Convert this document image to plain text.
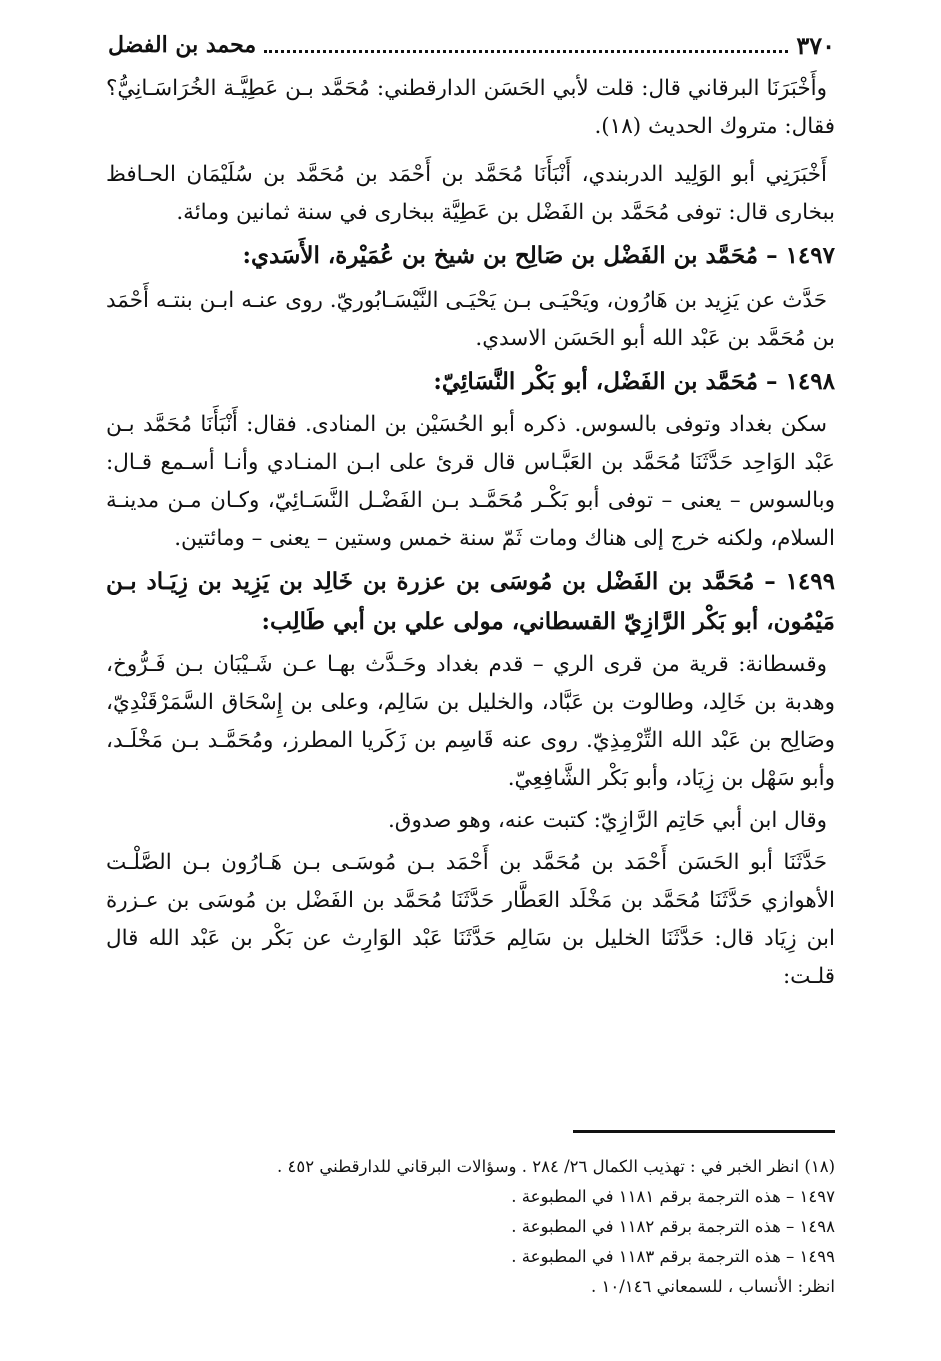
٣٧٠
محمد بن الفضل

وأَخْبَرَنَا البرقاني قال: قلت لأبي الحَسَن الدارقطني: مُحَمَّد بـن عَطِيَّـة الخُرَاسَـانِيُّ؟ فقال: متروك الحديث (١٨).

أَخْبَرَنِي أبو الوَلِيد الدربندي، أَنْبَأَنَا مُحَمَّد بن أَحْمَد بن مُحَمَّد بن سُلَيْمَان الحـافظ ببخارى قال: توفى مُحَمَّد بن الفَضْل بن عَطِيَّة ببخارى في سنة ثمانين ومائة.

١٤٩٧ – مُحَمَّد بن الفَضْل بن صَالِح بن شيخ بن عُمَيْرة، الأَسَدي:

حَدَّث عن يَزِيد بن هَارُون، ويَحْيَـى بـن يَحْيَـى النَّيْسَـابُوريّ. روى عنـه ابـن بنتـه أَحْمَد بن مُحَمَّد بن عَبْد الله أبو الحَسَن الاسدي.

١٤٩٨ – مُحَمَّد بن الفَضْل، أبو بَكْر النَّسَائِيّ:

سكن بغداد وتوفى بالسوس. ذكره أبو الحُسَيْن بن المنادى. فقال: أَنْبَأَنَا مُحَمَّد بـن عَبْد الوَاحِد حَدَّثَنَا مُحَمَّد بن العَبَّـاس قال قرئ على ابـن المنـادي وأنـا أسـمع قـال: وبالسوس – يعنى – توفى أبو بَكْـر مُحَمَّـد بـن الفَضْـل النَّسَـائِيّ، وكـان مـن مدينـة السلام، ولكنه خرج إلى هناك ومات ثَمّ سنة خمس وستين – يعنى – ومائتين.

١٤٩٩ – مُحَمَّد بن الفَضْل بن مُوسَى بن عزرة بن خَالِد بن يَزِيد بن زِيَـاد بـن مَيْمُون، أبو بَكْر الرَّازِيّ القسطاني، مولى علي بن أبي طَالِب:

وقسطانة: قرية من قرى الري – قدم بغداد وحَـدَّث بهـا عـن شَـيْبَان بـن فَـرُّوخ، وهدبة بن خَالِد، وطالوت بن عَبَّاد، والخليل بن سَالِم، وعلى بن إِسْحَاق السَّمَرْقَنْدِيّ، وصَالِح بن عَبْد الله التِّرْمِذِيّ. روى عنه قَاسِم بن زَكَريا المطرز، ومُحَمَّـد بـن مَخْلَـد، وأبو سَهْل بن زِيَاد، وأبو بَكْر الشَّافِعِيّ.

وقال ابن أبي حَاتِم الرَّازِيّ: كتبت عنه، وهو صدوق.

حَدَّثَنَا أبو الحَسَن أَحْمَد بن مُحَمَّد بن أَحْمَد بـن مُوسَـى بـن هَـارُون بـن الصَّلْـت الأهوازي حَدَّثَنَا مُحَمَّد بن مَخْلَد العَطَّار حَدَّثَنَا مُحَمَّد بن الفَضْل بن مُوسَى بن عـزرة ابن زِيَاد قال: حَدَّثَنَا الخليل بن سَالِم حَدَّثَنَا عَبْد الوَارِث عن بَكْر بن عَبْد الله قال قلـت:

(١٨) انظر الخبر في : تهذيب الكمال ٢٦/ ٢٨٤ . وسؤالات البرقاني للدارقطني ٤٥٢ .

١٤٩٧ – هذه الترجمة برقم ١١٨١ في المطبوعة .

١٤٩٨ – هذه الترجمة برقم ١١٨٢ في المطبوعة .

١٤٩٩ – هذه الترجمة برقم ١١٨٣ في المطبوعة .

انظر: الأنساب ، للسمعاني ١٠/١٤٦ .
